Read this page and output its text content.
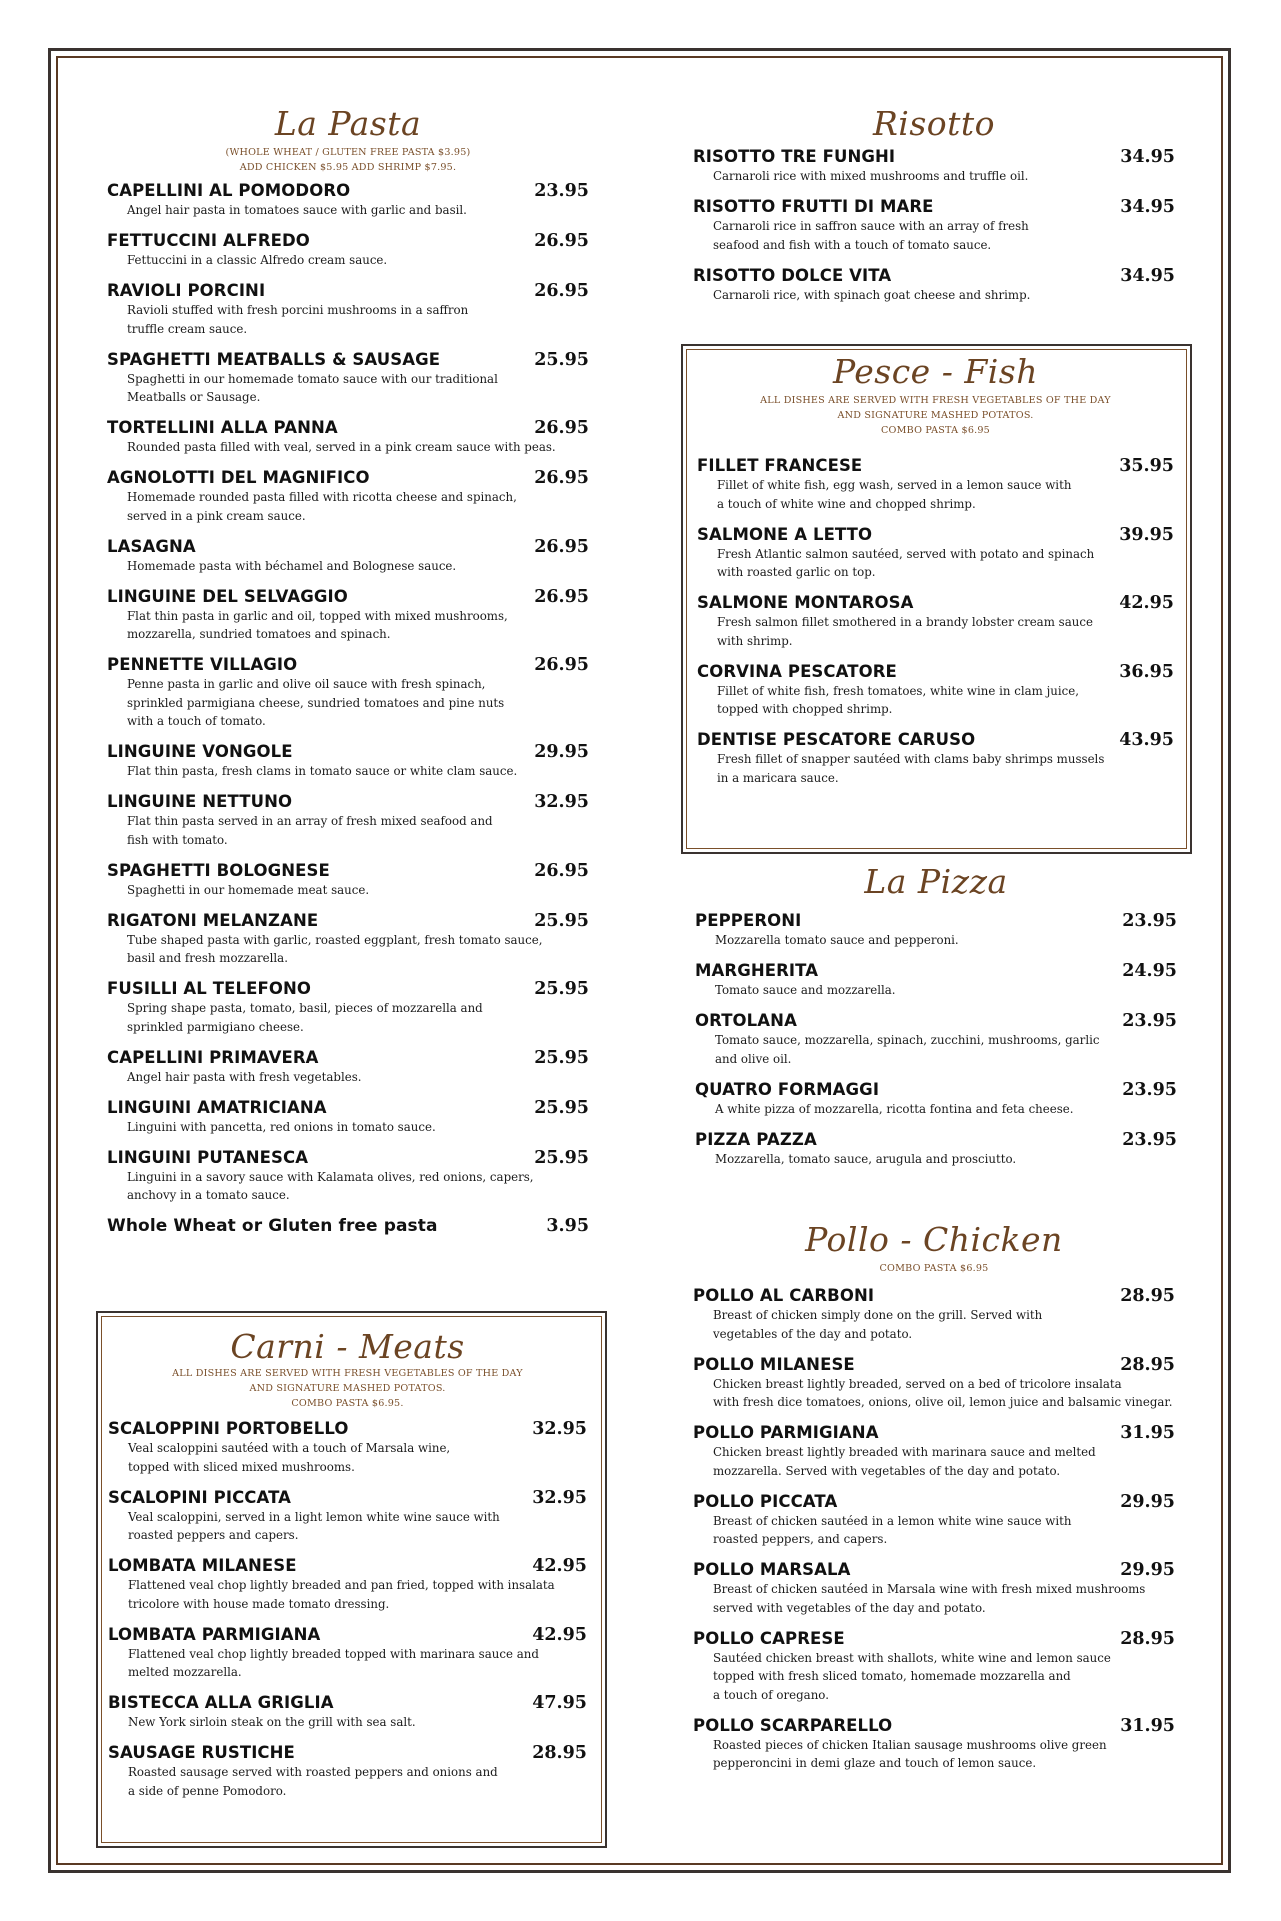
La Pasta
(WHOLE WHEAT / GLUTEN FREE PASTA $3.95)
ADD CHICKEN $5.95 ADD SHRIMP $7.95.
CAPELLINI AL POMODORO	23.95
Angel hair pasta in tomatoes sauce with garlic and basil.
FETTUCCINI ALFREDO	26.95
Fettuccini in a classic Alfredo cream sauce.
RAVIOLI PORCINI	26.95
Ravioli stuffed with fresh porcini mushrooms in a saffron
truffle cream sauce.
SPAGHETTI MEATBALLS & SAUSAGE	25.95
Spaghetti in our homemade tomato sauce with our traditional
Meatballs or Sausage.
TORTELLINI ALLA PANNA	26.95
Rounded pasta filled with veal, served in a pink cream sauce with peas.
AGNOLOTTI DEL MAGNIFICO	26.95
Homemade rounded pasta filled with ricotta cheese and spinach,
served in a pink cream sauce.
LASAGNA	26.95
Homemade pasta with béchamel and Bolognese sauce.
LINGUINE DEL SELVAGGIO	26.95
Flat thin pasta in garlic and oil, topped with mixed mushrooms,
mozzarella, sundried tomatoes and spinach.
PENNETTE VILLAGIO	26.95
Penne pasta in garlic and olive oil sauce with fresh spinach,
sprinkled parmigiana cheese, sundried tomatoes and pine nuts
with a touch of tomato.
LINGUINE VONGOLE	29.95
Flat thin pasta, fresh clams in tomato sauce or white clam sauce.
LINGUINE NETTUNO	32.95
Flat thin pasta served in an array of fresh mixed seafood and
fish with tomato.
SPAGHETTI BOLOGNESE	26.95
Spaghetti in our homemade meat sauce.
RIGATONI MELANZANE	25.95
Tube shaped pasta with garlic, roasted eggplant, fresh tomato sauce,
basil and fresh mozzarella.
FUSILLI AL TELEFONO	25.95
Spring shape pasta, tomato, basil, pieces of mozzarella and
sprinkled parmigiano cheese.
CAPELLINI PRIMAVERA	25.95
Angel hair pasta with fresh vegetables.
LINGUINI AMATRICIANA	25.95
Linguini with pancetta, red onions in tomato sauce.
LINGUINI PUTANESCA	25.95
Linguini in a savory sauce with Kalamata olives, red onions, capers,
anchovy in a tomato sauce.
Whole Wheat or Gluten free pasta	3.95
Carni - Meats
ALL DISHES ARE SERVED WITH FRESH VEGETABLES OF THE DAY
AND SIGNATURE MASHED POTATOS.
COMBO PASTA $6.95.
SCALOPPINI PORTOBELLO	32.95
Veal scaloppini sautéed with a touch of Marsala wine,
topped with sliced mixed mushrooms.
SCALOPINI PICCATA	32.95
Veal scaloppini, served in a light lemon white wine sauce with
roasted peppers and capers.
LOMBATA MILANESE	42.95
Flattened veal chop lightly breaded and pan fried, topped with insalata
tricolore with house made tomato dressing.
LOMBATA PARMIGIANA	42.95
Flattened veal chop lightly breaded topped with marinara sauce and
melted mozzarella.
BISTECCA ALLA GRIGLIA	47.95
New York sirloin steak on the grill with sea salt.
SAUSAGE RUSTICHE	28.95
Roasted sausage served with roasted peppers and onions and
a side of penne Pomodoro.
Risotto
RISOTTO TRE FUNGHI	34.95
Carnaroli rice with mixed mushrooms and truffle oil.
RISOTTO FRUTTI DI MARE	34.95
Carnaroli rice in saffron sauce with an array of fresh
seafood and fish with a touch of tomato sauce.
RISOTTO DOLCE VITA	34.95
Carnaroli rice, with spinach goat cheese and shrimp.
Pesce - Fish
ALL DISHES ARE SERVED WITH FRESH VEGETABLES OF THE DAY
AND SIGNATURE MASHED POTATOS.
COMBO PASTA $6.95
FILLET FRANCESE	35.95
Fillet of white fish, egg wash, served in a lemon sauce with
a touch of white wine and chopped shrimp.
SALMONE A LETTO	39.95
Fresh Atlantic salmon sautéed, served with potato and spinach
with roasted garlic on top.
SALMONE MONTAROSA	42.95
Fresh salmon fillet smothered in a brandy lobster cream sauce
with shrimp.
CORVINA PESCATORE	36.95
Fillet of white fish, fresh tomatoes, white wine in clam juice,
topped with chopped shrimp.
DENTISE PESCATORE CARUSO	43.95
Fresh fillet of snapper sautéed with clams baby shrimps mussels
in a maricara sauce.
La Pizza
PEPPERONI	23.95
Mozzarella tomato sauce and pepperoni.
MARGHERITA	24.95
Tomato sauce and mozzarella.
ORTOLANA	23.95
Tomato sauce, mozzarella, spinach, zucchini, mushrooms, garlic
and olive oil.
QUATRO FORMAGGI	23.95
A white pizza of mozzarella, ricotta fontina and feta cheese.
PIZZA PAZZA	23.95
Mozzarella, tomato sauce, arugula and prosciutto.
Pollo - Chicken
COMBO PASTA $6.95
POLLO AL CARBONI	28.95
Breast of chicken simply done on the grill. Served with
vegetables of the day and potato.
POLLO MILANESE	28.95
Chicken breast lightly breaded, served on a bed of tricolore insalata
with fresh dice tomatoes, onions, olive oil, lemon juice and balsamic vinegar.
POLLO PARMIGIANA	31.95
Chicken breast lightly breaded with marinara sauce and melted
mozzarella. Served with vegetables of the day and potato.
POLLO PICCATA	29.95
Breast of chicken sautéed in a lemon white wine sauce with
roasted peppers, and capers.
POLLO MARSALA	29.95
Breast of chicken sautéed in Marsala wine with fresh mixed mushrooms
served with vegetables of the day and potato.
POLLO CAPRESE	28.95
Sautéed chicken breast with shallots, white wine and lemon sauce
topped with fresh sliced tomato, homemade mozzarella and
a touch of oregano.
POLLO SCARPARELLO	31.95
Roasted pieces of chicken Italian sausage mushrooms olive green
pepperoncini in demi glaze and touch of lemon sauce.
